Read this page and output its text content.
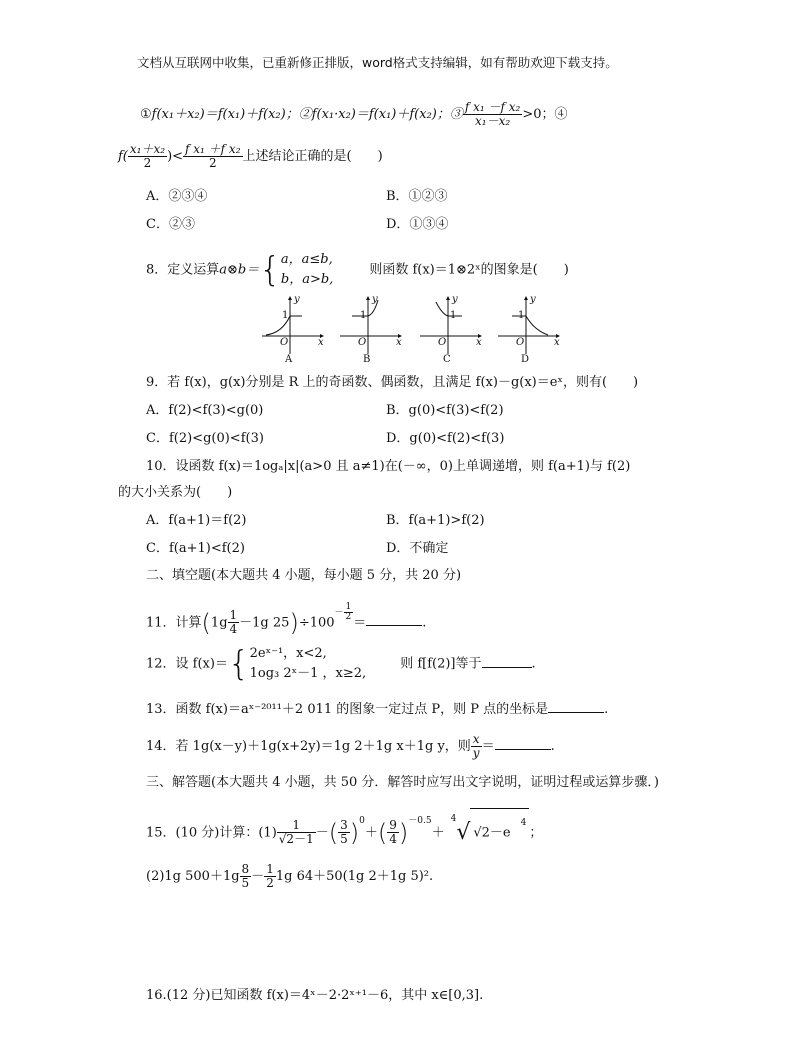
文档从互联网中收集，已重新修正排版，word格式支持编辑，如有帮助欢迎下载支持。
①f(x₁＋x₂)＝f(x₁)＋f(x₂)；②f(x₁·x₂)＝f(x₁)＋f(x₂)；③ $\frac{\text{f x₁ －f x₂}}{\text{x₁－x₂}} >0$；④
$f( \frac{\text{x₁＋x₂}}{2}$ )< $\frac{\text{f x₁ ＋f x₂}}{2}$ 上述结论正确的是(　　)
A．②③④	B．①②③
C．②③	D．①③④
8．定义运算a⊗b＝{ a，a≤b,
b，a>b,
则函数 f(x)＝1⊗2ˣ的图象是(　　)
y
1
O	x
A
y
1
O	x
B
y
1
O	x
C
y
1
O	x
D
9．若 f(x)，g(x)分别是 R 上的奇函数、偶函数，且满足 f(x)－g(x)＝eˣ，则有(　　)
A．f(2)<f(3)<g(0)	B．g(0)<f(3)<f(2)
C．f(2)<g(0)<f(3)	D．g(0)<f(2)<f(3)
10．设函数 f(x)＝1ogₐ|x|(a>0 且 a≠1)在(－∞，0)上单调递增，则 f(a+1)与 f(2)
的大小关系为(　　)
A．f(a+1)＝f(2)	B．f(a+1)>f(2)
C．f(a+1)<f(2)	D．不确定
二、填空题(本大题共 4 小题，每小题 5 分，共 20 分)
11．计算($1g \frac{1}{4} -1g$ $25)\div 100^{- \frac{1}{2}}$
＝	.
12．设 f(x)＝{ 2eˣ⁻¹，x<2,
1og₃ 2ˣ－1 ，x≥2,
则 f[f(2)]等于	.
13．函数 f(x)＝aˣ⁻²⁰¹¹＋2 011 的图象一定过点 P，则 P 点的坐标是	.
14．若 1g(x－y)＋1g(x+2y)＝1g 2＋1g x＋1g y，则 $\frac{x}{y}$ ＝	.
三、解答题(本大题共 4 小题，共 50 分．解答时应写出文字说明，证明过程或运算步骤．)
15．(10 分)计算：$(1) \frac{1}{√2-1}$ －( $\frac{3}{5} )^0+( \frac{9}{4} )^{-0.5}+^4√$ $√2-e^4$；
(2)1g $500+1g \frac{8}{5} - \frac{1}{2} 1g$ 64＋50(1g 2＋1g 5)².
16.(12 分)已知函数 f(x)＝4ˣ－2·2ˣ⁺¹－6，其中 x∈[0,3].
